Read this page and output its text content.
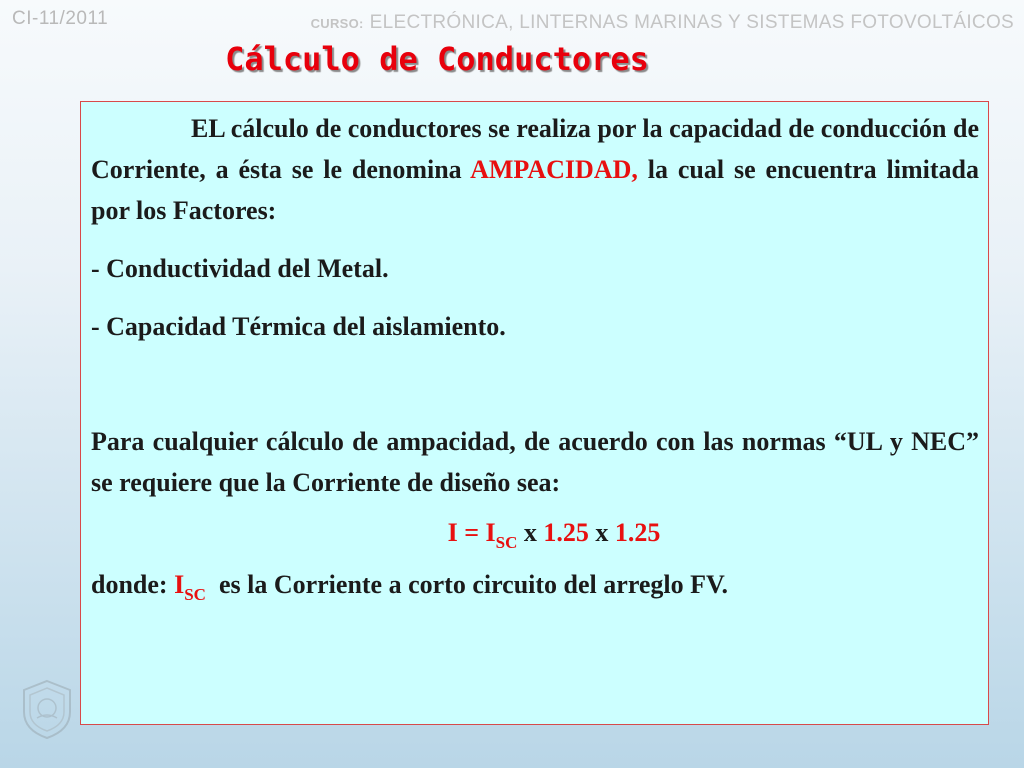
CI-11/2011	CURSO: ELECTRÓNICA, LINTERNAS MARINAS Y SISTEMAS FOTOVOLTÁICOS
Cálculo de Conductores

EL cálculo de conductores se realiza por la capacidad de conducción de Corriente, a ésta se le denomina AMPACIDAD, la cual se encuentra limitada por los Factores:

- Conductividad del Metal.

- Capacidad Térmica del aislamiento.

Para cualquier cálculo de ampacidad, de acuerdo con las normas “UL y NEC” se requiere que la Corriente de diseño sea:

$I = I_{SC}$ x 1.25 x 1.25

donde: $I_{SC}$ es la Corriente a corto circuito del arreglo FV.
